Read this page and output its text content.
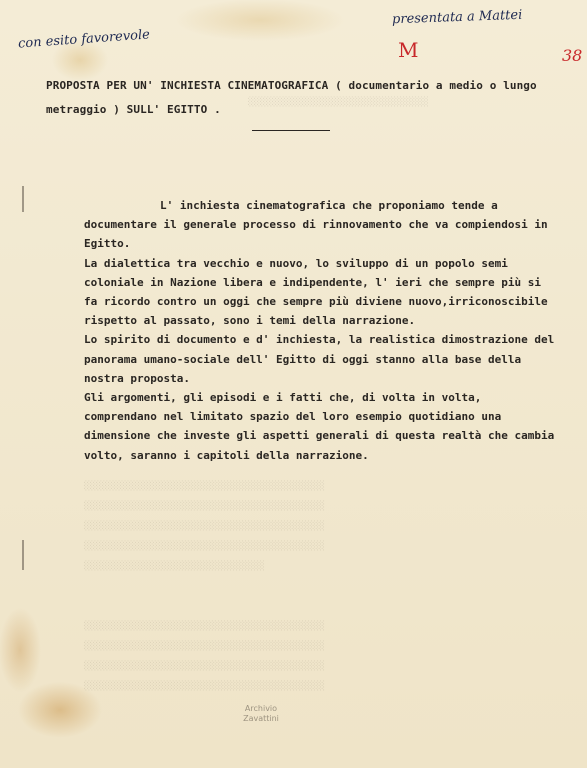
con esito favorevole
presentata a Mattei
M	38
PROPOSTA PER UN' INCHIESTA CINEMATOGRAFICA ( documentario a medio o lungo
metraggio ) SULL' EGITTO .
░░░░░░░░░░░░░░░░░░░░░░░░░░░░░░

L' inchiesta cinematografica che proponiamo tende a documentare il generale processo di rinnovamento che va compiendosi in Egitto.

La dialettica tra vecchio e nuovo, lo sviluppo di un popolo semi coloniale in Nazione libera e indipendente, l' ieri che sempre più si fa ricordo contro un oggi che sempre più diviene nuovo,irriconoscibile rispetto al passato, sono i temi della narrazione.

Lo spirito di documento e d' inchiesta, la realistica dimostrazione del panorama umano-sociale dell' Egitto di oggi stanno alla base della nostra proposta.

Gli argomenti, gli episodi e i fatti che, di volta in volta, comprendano nel limitato spazio del loro esempio quotidiano una dimensione che investe gli aspetti generali di questa realtà che cambia volto, saranno i capitoli della narrazione.

░░░░░░░░░░░░░░░░░░░░░░░░░░░░░░░░░░░░░░░░
░░░░░░░░░░░░░░░░░░░░░░░░░░░░░░░░░░░░░░░░
░░░░░░░░░░░░░░░░░░░░░░░░░░░░░░░░░░░░░░░░
░░░░░░░░░░░░░░░░░░░░░░░░░░░░░░░░░░░░░░░░
░░░░░░░░░░░░░░░░░░░░░░░░░░░░░░
░░░░░░░░░░░░░░░░░░░░░░░░░░░░░░░░░░░░░░░░
░░░░░░░░░░░░░░░░░░░░░░░░░░░░░░░░░░░░░░░░
░░░░░░░░░░░░░░░░░░░░░░░░░░░░░░░░░░░░░░░░
░░░░░░░░░░░░░░░░░░░░░░░░░░░░░░░░░░░░░░░░
Archivio
Zavattini
